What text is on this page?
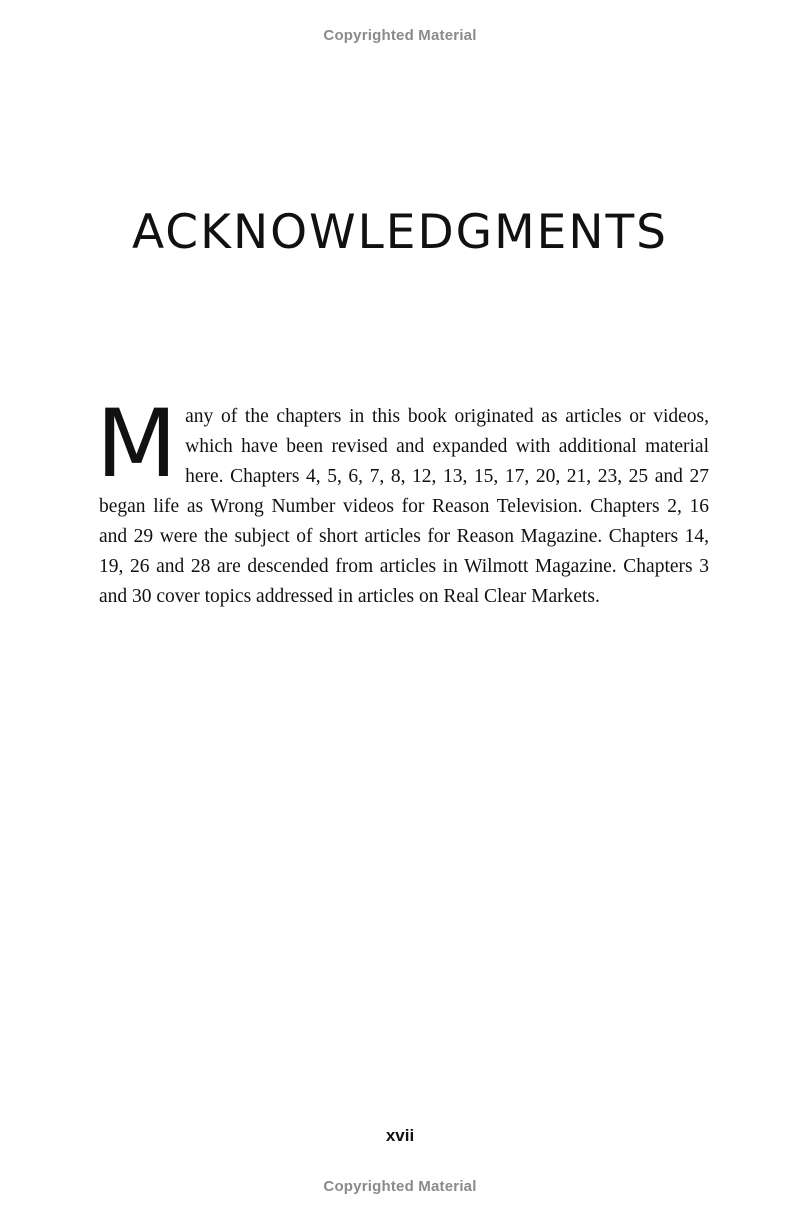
Copyrighted Material
ACKNOWLEDGMENTS

Many of the chapters in this book originated as articles or videos, which have been revised and expanded with additional material here. Chapters 4, 5, 6, 7, 8, 12, 13, 15, 17, 20, 21, 23, 25 and 27 began life as Wrong Number videos for Reason Television. Chapters 2, 16 and 29 were the subject of short articles for Reason Magazine. Chapters 14, 19, 26 and 28 are descended from articles in Wilmott Magazine. Chapters 3 and 30 cover topics addressed in articles on Real Clear Markets.

xvii
Copyrighted Material
